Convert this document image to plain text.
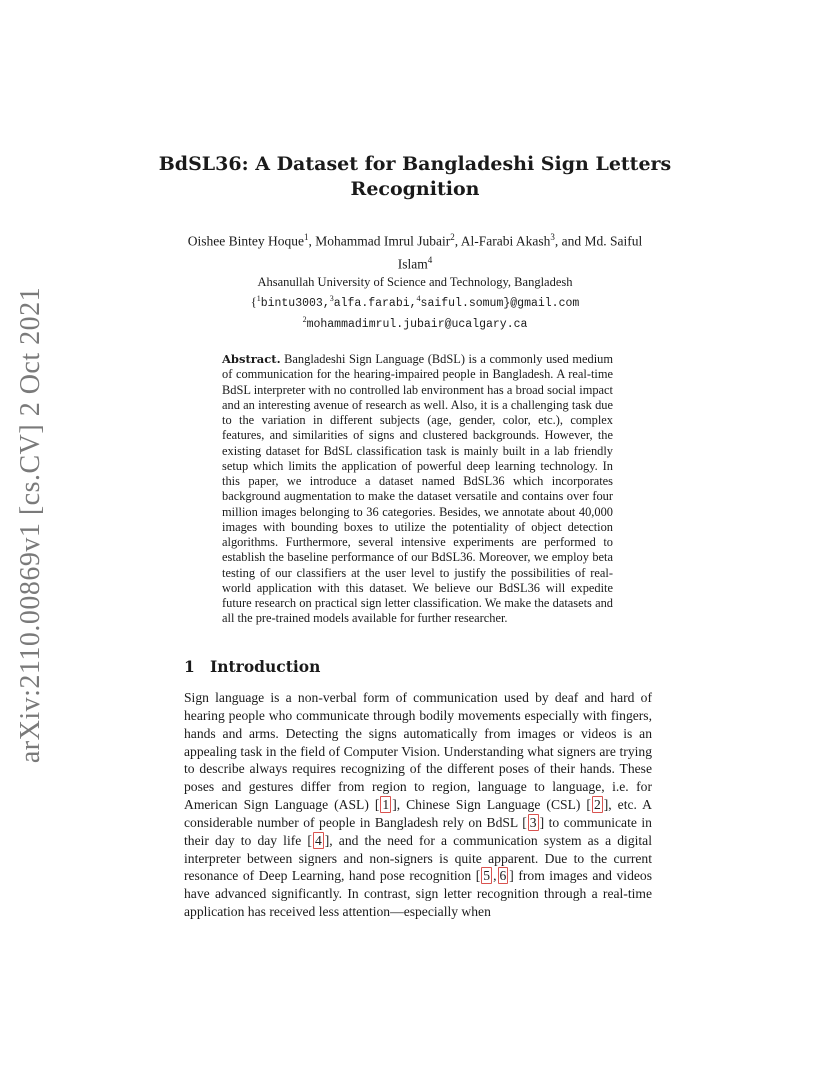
arXiv:2110.00869v1 [cs.CV] 2 Oct 2021
BdSL36: A Dataset for Bangladeshi Sign Letters
Recognition
Oishee Bintey Hoque$^1$, Mohammad Imrul Jubair$^2$, Al-Farabi Akash$^3$, and Md. Saiful Islam$^4$
Ahsanullah University of Science and Technology, Bangladesh
{$^1$bintu3003,$^3$alfa.farabi,$^4$saiful.somum}@gmail.com
$^2$mohammadimrul.jubair@ucalgary.ca
Abstract. Bangladeshi Sign Language (BdSL) is a commonly used medium of communication for the hearing-impaired people in Bangladesh. A real-time BdSL interpreter with no controlled lab environment has a broad social impact and an interesting avenue of research as well. Also, it is a challenging task due to the variation in different subjects (age, gender, color, etc.), complex features, and similarities of signs and clustered backgrounds. However, the existing dataset for BdSL classification task is mainly built in a lab friendly setup which limits the application of powerful deep learning technology. In this paper, we introduce a dataset named BdSL36 which incorporates background augmentation to make the dataset versatile and contains over four million images belonging to 36 categories. Besides, we annotate about 40,000 images with bounding boxes to utilize the potentiality of object detection algorithms. Furthermore, several intensive experiments are performed to establish the baseline performance of our BdSL36. Moreover, we employ beta testing of our classifiers at the user level to justify the possibilities of real-world application with this dataset. We believe our BdSL36 will expedite future research on practical sign letter classification. We make the datasets and all the pre-trained models available for further researcher.
1 Introduction
Sign language is a non-verbal form of communication used by deaf and hard of hearing people who communicate through bodily movements especially with fingers, hands and arms. Detecting the signs automatically from images or videos is an appealing task in the field of Computer Vision. Understanding what signers are trying to describe always requires recognizing of the different poses of their hands. These poses and gestures differ from region to region, language to language, i.e. for American Sign Language (ASL) [ 1 ], Chinese Sign Language (CSL) [ 2 ], etc. A considerable number of people in Bangladesh rely on BdSL [ 3 ] to communicate in their day to day life [ 4 ], and the need for a communication system as a digital interpreter between signers and non-signers is quite apparent. Due to the current resonance of Deep Learning, hand pose recognition [ 5 , 6 ] from images and videos have advanced significantly. In contrast, sign letter recognition through a real-time application has received less attention—especially when
